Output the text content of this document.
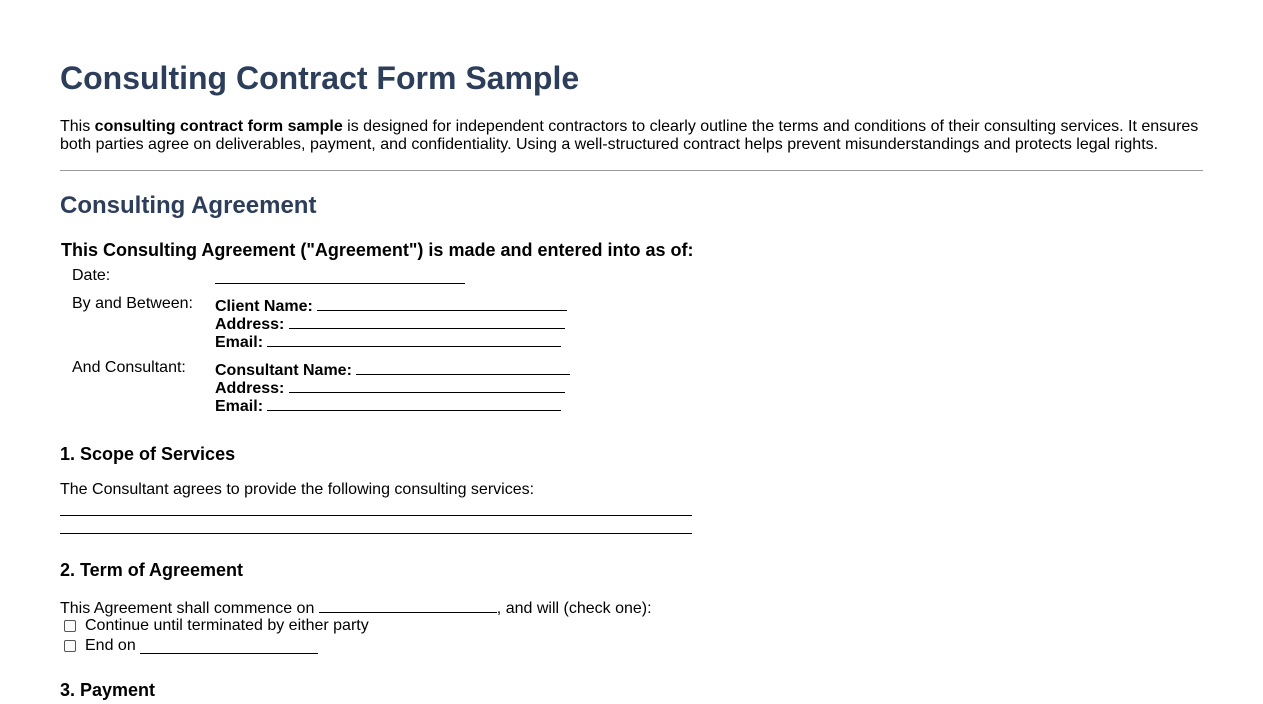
Consulting Contract Form Sample

This consulting contract form sample is designed for independent contractors to clearly outline the terms and conditions of their consulting services. It ensures both parties agree on deliverables, payment, and confidentiality. Using a well-structured contract helps prevent misunderstandings and protects legal rights.

Consulting Agreement

This Consulting Agreement ("Agreement") is made and entered into as of:

Date:
By and Between: Client Name:
Address:
Email:
And Consultant: Consultant Name:
Address:
Email:
1. Scope of Services
The Consultant agrees to provide the following consulting services:
2. Term of Agreement
This Agreement shall commence on	, and will (check one):
Continue until terminated by either party
End on

3. Payment
